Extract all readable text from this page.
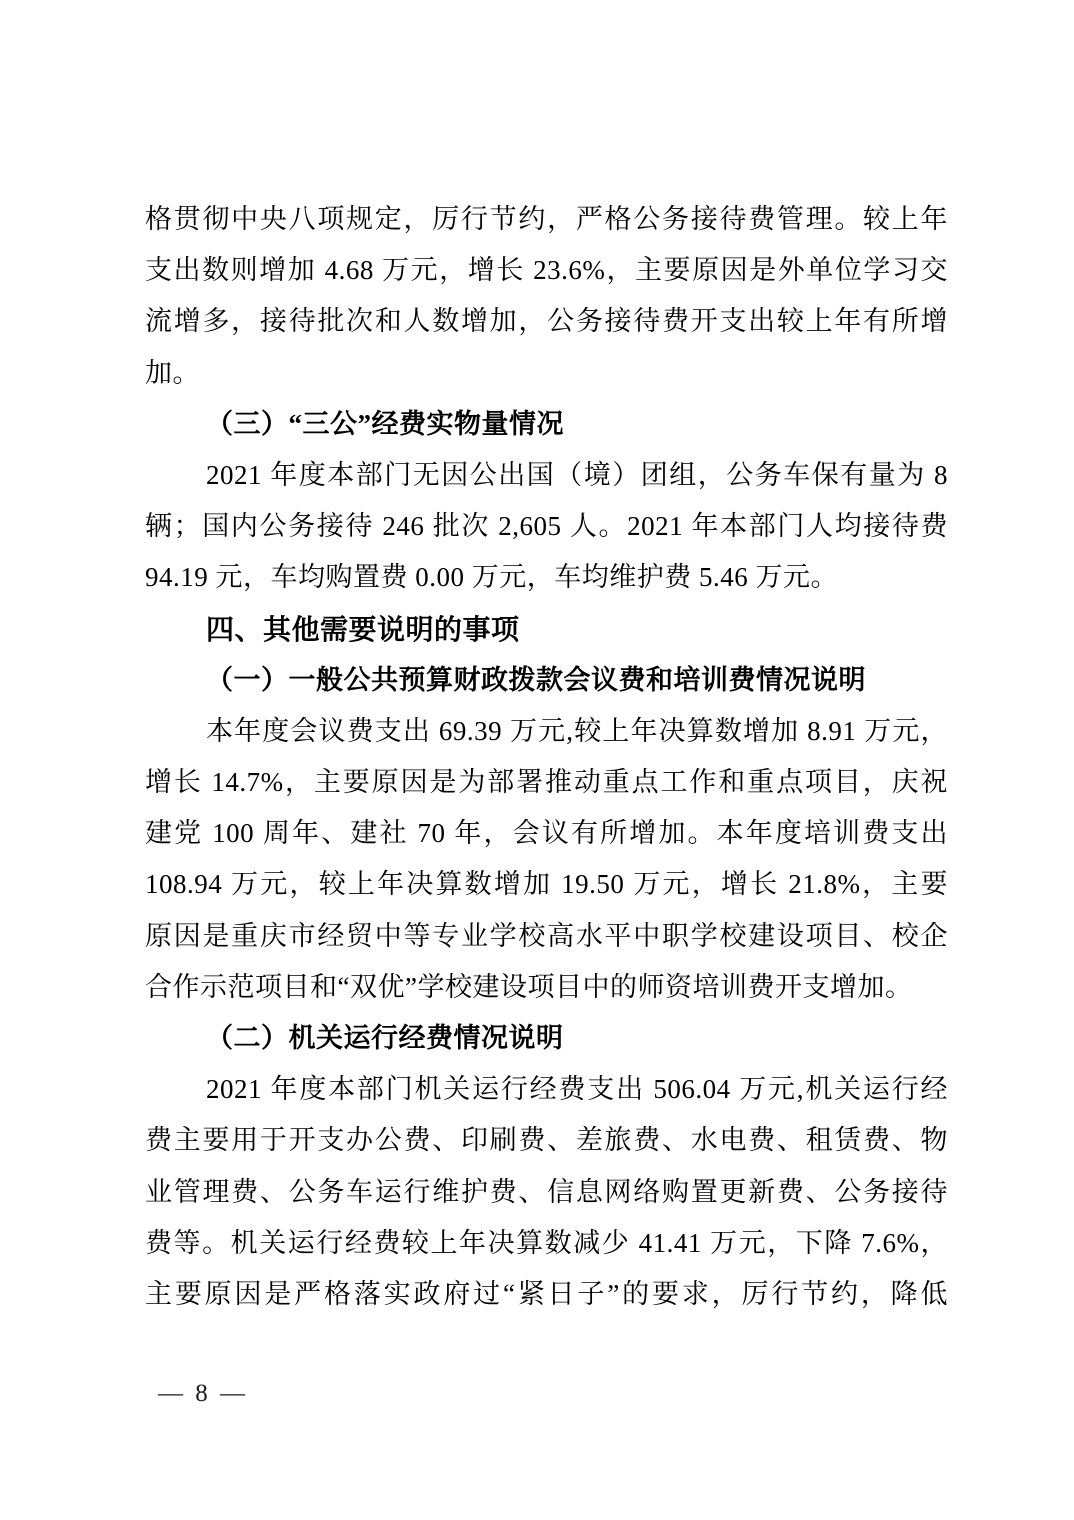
格贯彻中央八项规定，厉行节约，严格公务接待费管理。较上年
支出数则增加 4.68 万元，增长 23.6%，主要原因是外单位学习交
流增多，接待批次和人数增加，公务接待费开支出较上年有所增
加。
（三）“三公”经费实物量情况
2021 年度本部门无因公出国（境）团组，公务车保有量为 8
辆；国内公务接待 246 批次 2,605 人。2021 年本部门人均接待费
94.19 元，车均购置费 0.00 万元，车均维护费 5.46 万元。
四、其他需要说明的事项
（一）一般公共预算财政拨款会议费和培训费情况说明
本年度会议费支出 69.39 万元,较上年决算数增加 8.91 万元，
增长 14.7%，主要原因是为部署推动重点工作和重点项目，庆祝
建党 100 周年、建社 70 年，会议有所增加。本年度培训费支出
108.94 万元，较上年决算数增加 19.50 万元，增长 21.8%，主要
原因是重庆市经贸中等专业学校高水平中职学校建设项目、校企
合作示范项目和“双优”学校建设项目中的师资培训费开支增加。
（二）机关运行经费情况说明
2021 年度本部门机关运行经费支出 506.04 万元,机关运行经
费主要用于开支办公费、印刷费、差旅费、水电费、租赁费、物
业管理费、公务车运行维护费、信息网络购置更新费、公务接待
费等。机关运行经费较上年决算数减少 41.41 万元，下降 7.6%，
主要原因是严格落实政府过“紧日子”的要求，厉行节约，降低
— 8 —
